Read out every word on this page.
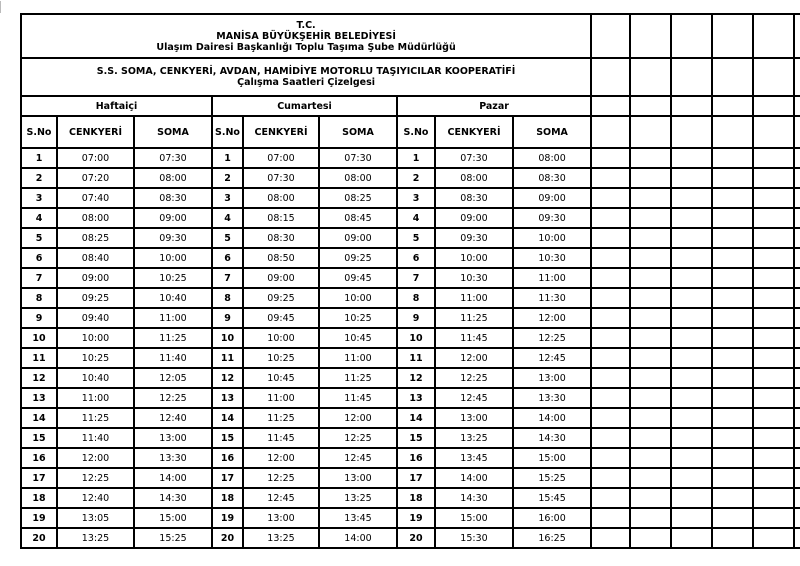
T.C.
MANİSA BÜYÜKŞEHİR BELEDİYESİ
Ulaşım Dairesi Başkanlığı Toplu Taşıma Şube Müdürlüğü														

S.S. SOMA, CENKYERİ, AVDAN, HAMİDİYE MOTORLU TAŞIYICILAR KOOPERATİFİ
Çalışma Saatleri Çizelgesi														

Haftaiçi			Cumartesi			Pazar								
S.No	CENKYERİ	SOMA	S.No	CENKYERİ	SOMA	S.No	CENKYERİ	SOMA						
1	07:00	07:30	1	07:00	07:30	1	07:30	08:00						
2	07:20	08:00	2	07:30	08:00	2	08:00	08:30						
3	07:40	08:30	3	08:00	08:25	3	08:30	09:00						
4	08:00	09:00	4	08:15	08:45	4	09:00	09:30						
5	08:25	09:30	5	08:30	09:00	5	09:30	10:00						
6	08:40	10:00	6	08:50	09:25	6	10:00	10:30						
7	09:00	10:25	7	09:00	09:45	7	10:30	11:00						
8	09:25	10:40	8	09:25	10:00	8	11:00	11:30						
9	09:40	11:00	9	09:45	10:25	9	11:25	12:00						
10	10:00	11:25	10	10:00	10:45	10	11:45	12:25						
11	10:25	11:40	11	10:25	11:00	11	12:00	12:45						
12	10:40	12:05	12	10:45	11:25	12	12:25	13:00						
13	11:00	12:25	13	11:00	11:45	13	12:45	13:30						
14	11:25	12:40	14	11:25	12:00	14	13:00	14:00						
15	11:40	13:00	15	11:45	12:25	15	13:25	14:30						
16	12:00	13:30	16	12:00	12:45	16	13:45	15:00						
17	12:25	14:00	17	12:25	13:00	17	14:00	15:25						
18	12:40	14:30	18	12:45	13:25	18	14:30	15:45						
19	13:05	15:00	19	13:00	13:45	19	15:00	16:00						
20	13:25	15:25	20	13:25	14:00	20	15:30	16:25						
